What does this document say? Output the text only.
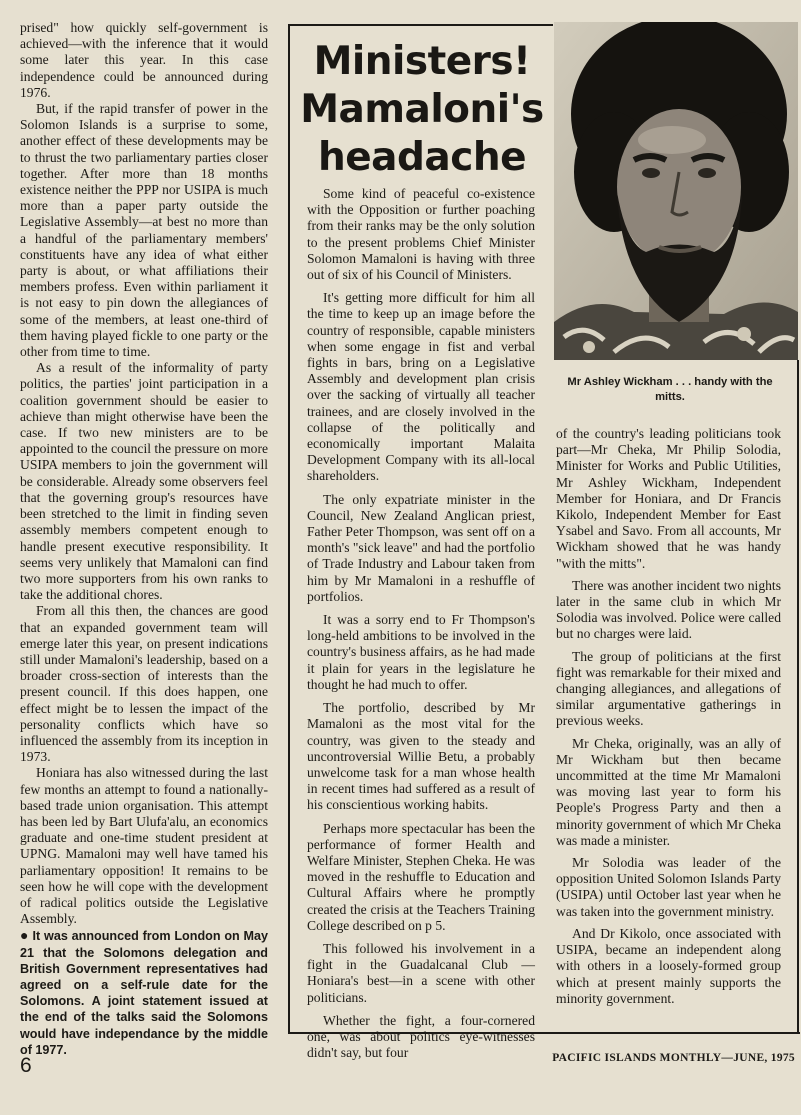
prised" how quickly self-government is achieved—with the inference that it would some later this year. In this case independence could be announced during 1976.

But, if the rapid transfer of power in the Solomon Islands is a surprise to some, another effect of these developments may be to thrust the two parliamentary parties closer together. After more than 18 months existence neither the PPP nor USIPA is much more than a paper party outside the Legislative Assembly—at best no more than a handful of the parliamentary members' constituents have any idea of what either party is about, or what affiliations their members profess. Even within parliament it is not easy to pin down the allegiances of some of the members, at least one-third of them having played fickle to one party or the other from time to time.

As a result of the informality of party politics, the parties' joint participation in a coalition government should be easier to achieve than might otherwise have been the case. If two new ministers are to be appointed to the council the pressure on more USIPA members to join the government will be considerable. Already some observers feel that the governing group's resources have been stretched to the limit in finding seven assembly members competent enough to handle present executive responsibility. It seems very unlikely that Mamaloni can find two more supporters from his own ranks to take the additional chores.

From all this then, the chances are good that an expanded government team will emerge later this year, on present indications still under Mamaloni's leadership, based on a broader cross-section of interests than the present council. If this does happen, one effect might be to lessen the impact of the personality conflicts which have so influenced the assembly from its inception in 1973.

Honiara has also witnessed during the last few months an attempt to found a nationally-based trade union organisation. This attempt has been led by Bart Ulufa'alu, an economics graduate and one-time student president at UPNG. Mamaloni may well have tamed his parliamentary opposition! It remains to be seen how he will cope with the development of radical politics outside the Legislative Assembly.

● It was announced from London on May 21 that the Solomons delegation and British Government representatives had agreed on a self-rule date for the Solomons. A joint statement issued at the end of the talks said the Solomons would have independance by the middle of 1977.

Ministers!
Mamaloni's
headache

Some kind of peaceful co-existence with the Opposition or further poaching from their ranks may be the only solution to the present problems Chief Minister Solomon Mamaloni is having with three out of six of his Council of Ministers.

It's getting more difficult for him all the time to keep up an image before the country of responsible, capable ministers when some engage in fist and verbal fights in bars, bring on a Legislative Assembly and development plan crisis over the sacking of virtually all teacher trainees, and are closely involved in the collapse of the politically and economically important Malaita Development Company with its all-local shareholders.

The only expatriate minister in the Council, New Zealand Anglican priest, Father Peter Thompson, was sent off on a month's "sick leave" and had the portfolio of Trade Industry and Labour taken from him by Mr Mamaloni in a reshuffle of portfolios.

It was a sorry end to Fr Thompson's long-held ambitions to be involved in the country's business affairs, as he had made it plain for years in the legislature he thought he had much to offer.

The portfolio, described by Mr Mamaloni as the most vital for the country, was given to the steady and uncontroversial Willie Betu, a probably unwelcome task for a man whose health in recent times had suffered as a result of his conscientious working habits.

Perhaps more spectacular has been the performance of former Health and Welfare Minister, Stephen Cheka. He was moved in the reshuffle to Education and Cultural Affairs where he promptly created the crisis at the Teachers Training College described on p 5.

This followed his involvement in a fight in the Guadalcanal Club —Honiara's best—in a scene with other politicians.

Whether the fight, a four-cornered one, was about politics eye-witnesses didn't say, but four

Mr Ashley Wickham . . . handy with the mitts.

of the country's leading politicians took part—Mr Cheka, Mr Philip Solodia, Minister for Works and Public Utilities, Mr Ashley Wickham, Independent Member for Honiara, and Dr Francis Kikolo, Independent Member for East Ysabel and Savo. From all accounts, Mr Wickham showed that he was handy "with the mitts".

There was another incident two nights later in the same club in which Mr Solodia was involved. Police were called but no charges were laid.

The group of politicians at the first fight was remarkable for their mixed and changing allegiances, and allegations of similar argumentative gatherings in previous weeks.

Mr Cheka, originally, was an ally of Mr Wickham but then became uncommitted at the time Mr Mamaloni was moving last year to form his People's Progress Party and then a minority government of which Mr Cheka was made a minister.

Mr Solodia was leader of the opposition United Solomon Islands Party (USIPA) until October last year when he was taken into the government ministry.

And Dr Kikolo, once associated with USIPA, became an independent along with others in a loosely-formed group which at present mainly supports the minority government.

6	PACIFIC ISLANDS MONTHLY—JUNE, 1975
